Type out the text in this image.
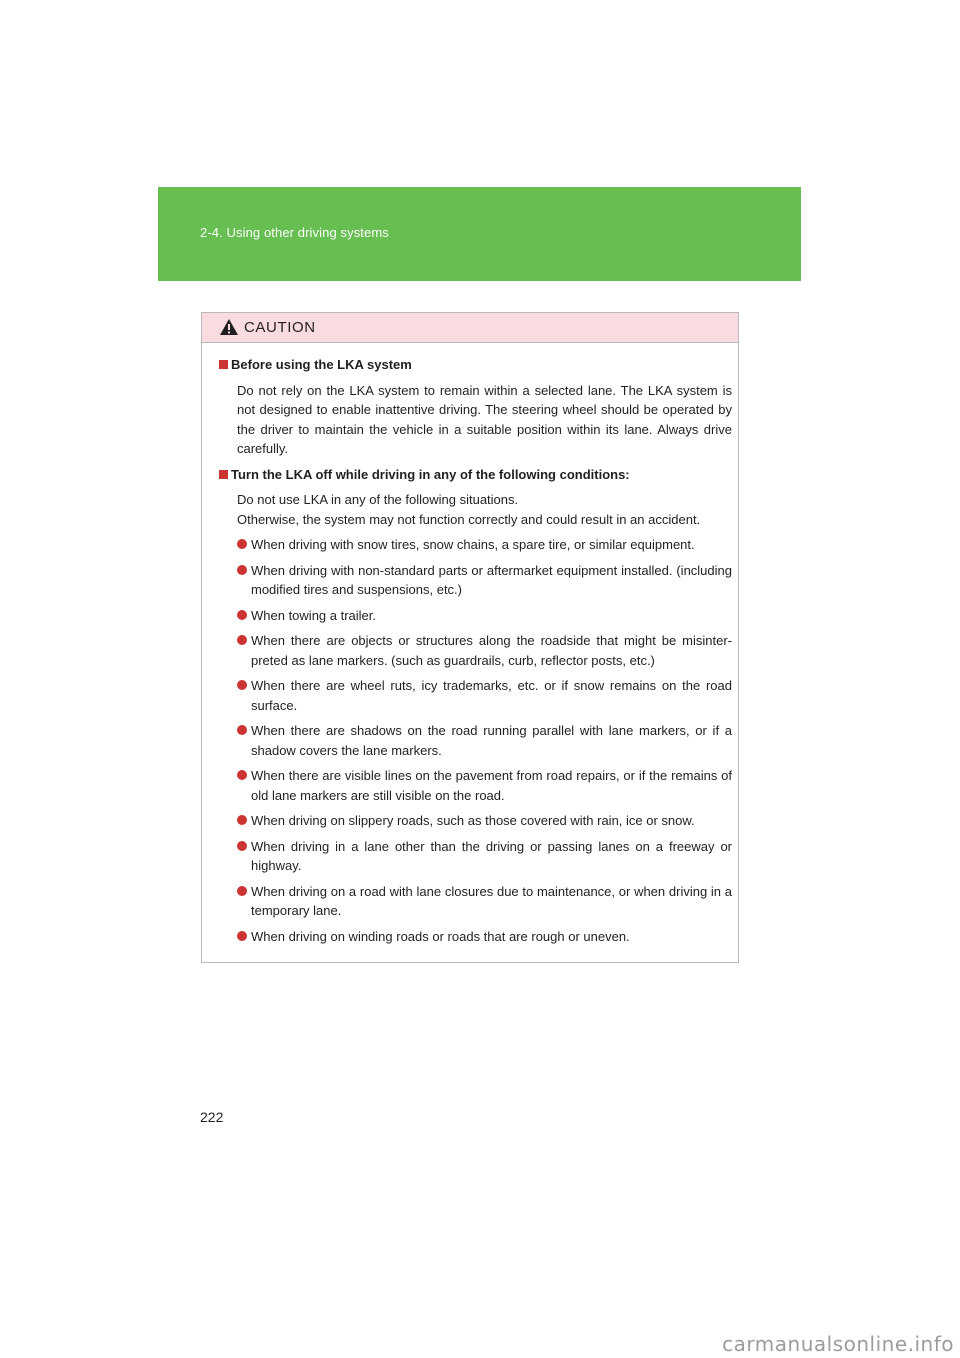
2-4. Using other driving systems
CAUTION

Before using the LKA system

Do not rely on the LKA system to remain within a selected lane. The LKA system is not designed to enable inattentive driving. The steering wheel should be operated by the driver to maintain the vehicle in a suitable position within its lane. Always drive carefully.

Turn the LKA off while driving in any of the following conditions:

Do not use LKA in any of the following situations.
Otherwise, the system may not function correctly and could result in an accident.

When driving with snow tires, snow chains, a spare tire, or similar equipment.
When driving with non-standard parts or aftermarket equipment installed. (including modified tires and suspensions, etc.)
When towing a trailer.
When there are objects or structures along the roadside that might be misinter- preted as lane markers. (such as guardrails, curb, reflector posts, etc.)
When there are wheel ruts, icy trademarks, etc. or if snow remains on the road surface.
When there are shadows on the road running parallel with lane markers, or if a shadow covers the lane markers.
When there are visible lines on the pavement from road repairs, or if the remains of old lane markers are still visible on the road.
When driving on slippery roads, such as those covered with rain, ice or snow.
When driving in a lane other than the driving or passing lanes on a freeway or highway.
When driving on a road with lane closures due to maintenance, or when driving in a temporary lane.
When driving on winding roads or roads that are rough or uneven.
222
carmanualsonline.info
